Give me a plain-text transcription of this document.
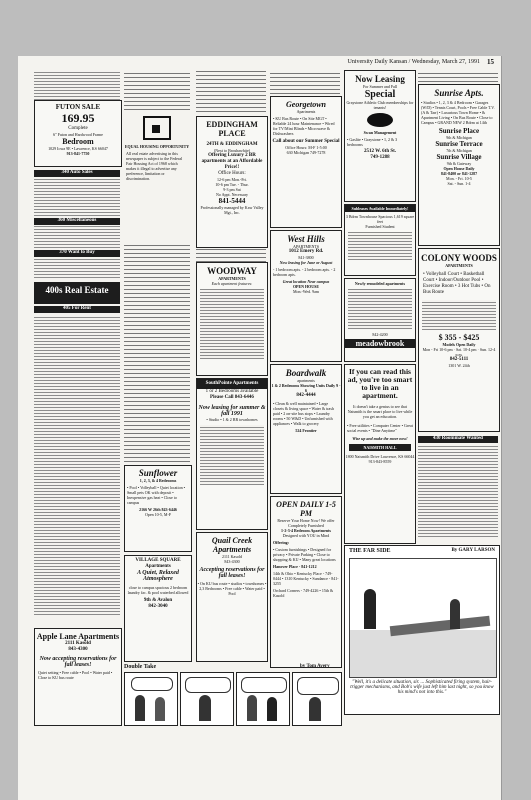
University Daily Kansan / Wednesday, March 27, 1991 15
FUTON SALE
169.95
Complete
6" Futon and Hardwood Frame
Bedroom
1029 Iowa 9E • Lawrence, KS 66047
913-841-7750
340 Auto Sales
360 Miscellaneous
370 Want to Buy
400s Real Estate
405 For Rent
Apple Lane Apartments
2111 Kasold
843-4300
Now accepting reservations for fall leases!
Quiet setting • Free cable • Pool • Water paid • Close to KU bus route
EQUAL HOUSING OPPORTUNITY
All real estate advertising in this newspaper is subject to the Federal Fair Housing Act of 1968 which makes it illegal to advertise any preference, limitation or discrimination.
Sunflower
1, 2, 3, & 4 Bedrooms
• Pool • Volleyball • Quiet location • Small pets OK with deposit • Inexpensive gas heat • Close to campus
2166 W 26th 843-6446
Open 10-5, M-F
VILLAGE SQUARE Apartments
A Quiet, Relaxed Atmosphere
close to campus spacious 2 bedroom laundry fac. & pool waterbed allowed
9th & Avalon
842-3040
EDDINGHAM PLACE
24TH & EDDINGHAM
(Next to Brouhawhite)
Offering Luxury 2 BR apartments at an Affordable Price!!
Office Hours:
12-6 pm Mon.-Fri.
10-6 pm Tue. - Thur.
9-3 pm Sat
No Appt. Necessary
841-5444
Professionally managed by Kaw Valley Mgt., Inc.
WOODWAY
APARTMENTS
Each apartment features:
SouthPointe Apartments
1 or 2 Bedrooms available
Please Call 843-6446
Now leasing for summer & fall 1991
• Studio • 1 & 2 BR townhomes
Quail Creek Apartments
2111 Kasold
843-4300
Accepting reservations for fall leases!
• On KU bus route • studios • townhomes • 2,3 Bedrooms • Free cable • Water paid • Pool
Georgetown
Apartments
• KU Bus Route • On Site MGT • Reliable 24 hour Maintenance • Wired for TV/Mini Blinds • Microwave & Dishwashers
Call about our Summer Special
Office Hours: M-F 1-5:00
630 Michigan 749-7278
West Hills
APARTMENTS
1012 Emery Rd.
841-3800
Now leasing for June or August
- 1 bedroom apts. - 2 bedroom apts. - 2 bedroom apts.
Great location Near campus
OPEN HOUSE
Mon.-Wed. 9am
Boardwalk
apartments
1 & 2 Bedrooms Showing Units Daily 9 - 6
842-4444
• Clean & well maintained • Large closets & living space • Water & trash paid • 2 on-site bus stops • Laundry rooms • 50 W&D • Unfurnished with appliances • Walk to grocery
524 Frontier
OPEN DAILY 1-5 PM
Reserve Your Home Now! We offer Completely Furnished
1-2-3-4 Bedroom Apartments
Designed with YOU in Mind
Offering:
• Custom furnishings • Designed for privacy • Private Parking • Close to shopping & KU • Many great locations
Hanover Place - 841-1212
14th & Ohio • Kentucky Place - 749-0444 • 1310 Kentucky • Sundance - 841-3255
Orchard Corners - 749-4226 • 15th & Kasold
Now Leasing
For Summer and Fall
Special
Graystone Athletic Club memberships for tenants!
Swan Management
• Gaslite • Graystone • 1, 2 & 3 bedrooms
2512 W. 6th St.
749-1288
Subleases Available Immediately!
3 Bdrm Townhouse Spacious 1,619 square feet
Furnished Student
Newly remodeled apartments
842-4200
meadowbrook
If you can read this ad, you're too smart to live in an apartment.
It doesn't take a genius to see that Naismith is the smart place to live while you get an education.
• Free utilities • Computer Center • Great social events • "Dine Anytime"
Wise up and make the move now!
NAISMITH HALL
1800 Naismith Drive Lawrence, KS 66044
913-843-8559
Sunrise Apts.
• Studios • 1, 2, 3 & 4 Bedroom • Garages (W/D) • Tennis Court, Pools • Free Cable T.V. (A & Tarr) • Luxurious Town Home • & Apartment Living • On Bus Route • Close to Campus • GRAND NEW 2 Bdrm at 14th
Sunrise Place
9th & Michigan
Sunrise Terrace
7th & Michigan
Sunrise Village
9th & Gateway
Open House Daily
841-8400 or 841-1287
Mon. - Fri. 10-5
Sat. - Sun. 1-4
COLONY WOODS
APARTMENTS
• Volleyball Court • Basketball Court • Indoor/Outdoor Pool • Exercise Room • 3 Hot Tubs • On Bus Route
$ 355 - $425
Models Open Daily
Mon - Fri 10-6 pm · Sat. 10-4 pm · Sun. 12-4 p.m.
842-5111
1301 W. 24th
430 Roommate Wanted
THE FAR SIDE	By GARY LARSON
"Well, it's a delicate situation, sir. ... Sophisticated firing system, hair-trigger mechanisms, and Bob's wife just left him last night, so you know his mind's not into this."
Double Take	by Tom Avery
